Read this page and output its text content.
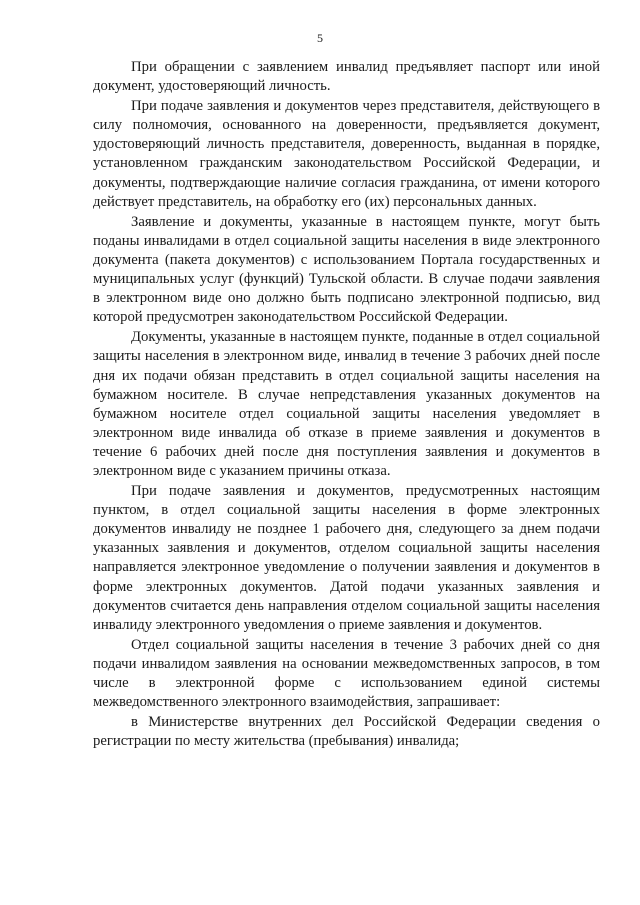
5

При обращении с заявлением инвалид предъявляет паспорт или иной документ, удостоверяющий личность.

При подаче заявления и документов через представителя, действующего в силу полномочия, основанного на доверенности, предъявляется документ, удостоверяющий личность представителя, доверенность, выданная в порядке, установленном гражданским законодательством Российской Федерации, и документы, подтверждающие наличие согласия гражданина, от имени которого действует представитель, на обработку его (их) персональных данных.

Заявление и документы, указанные в настоящем пункте, могут быть поданы инвалидами в отдел социальной защиты населения в виде электронного документа (пакета документов) с использованием Портала государственных и муниципальных услуг (функций) Тульской области. В случае подачи заявления в электронном виде оно должно быть подписано электронной подписью, вид которой предусмотрен законодательством Российской Федерации.

Документы, указанные в настоящем пункте, поданные в отдел социальной защиты населения в электронном виде, инвалид в течение 3 рабочих дней после дня их подачи обязан представить в отдел социальной защиты населения на бумажном носителе. В случае непредставления указанных документов на бумажном носителе отдел социальной защиты населения уведомляет в электронном виде инвалида об отказе в приеме заявления и документов в течение 6 рабочих дней после дня поступления заявления и документов в электронном виде с указанием причины отказа.

При подаче заявления и документов, предусмотренных настоящим пунктом, в отдел социальной защиты населения в форме электронных документов инвалиду не позднее 1 рабочего дня, следующего за днем подачи указанных заявления и документов, отделом социальной защиты населения направляется электронное уведомление о получении заявления и документов в форме электронных документов. Датой подачи указанных заявления и документов считается день направления отделом социальной защиты населения инвалиду электронного уведомления о приеме заявления и документов.

Отдел социальной защиты населения в течение 3 рабочих дней со дня подачи инвалидом заявления на основании межведомственных запросов, в том числе в электронной форме с использованием единой системы межведомственного электронного взаимодействия, запрашивает:

в Министерстве внутренних дел Российской Федерации сведения о регистрации по месту жительства (пребывания) инвалида;
